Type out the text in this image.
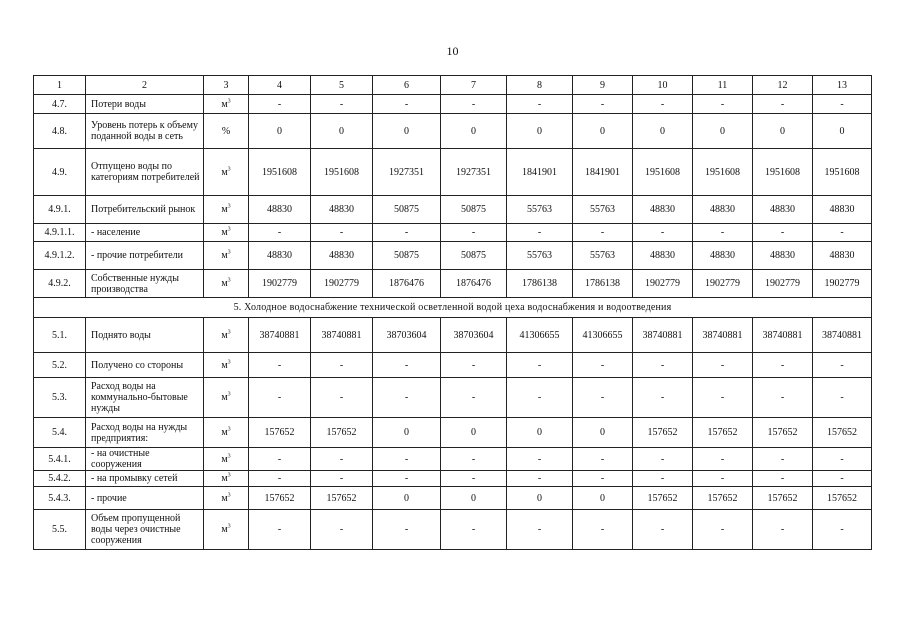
10
1	2	3	4	5	6	7	8	9	10	11	12	13
4.7.	Потери воды	$м^3$	-	-	-	-	-	-	-	-	-	-
4.8.	Уровень потерь к объему поданной воды в сеть	%	0	0	0	0	0	0	0	0	0	0
4.9.	Отпущено воды по категориям потребителей	$м^3$	1951608	1951608	1927351	1927351	1841901	1841901	1951608	1951608	1951608	1951608
4.9.1.	Потребительский рынок	$м^3$	48830	48830	50875	50875	55763	55763	48830	48830	48830	48830
4.9.1.1.	- население	$м^3$	-	-	-	-	-	-	-	-	-	-
4.9.1.2.	- прочие потребители	$м^3$	48830	48830	50875	50875	55763	55763	48830	48830	48830	48830
4.9.2.	Собственные нужды производства	$м^3$	1902779	1902779	1876476	1876476	1786138	1786138	1902779	1902779	1902779	1902779
5. Холодное водоснабжение технической осветленной водой цеха водоснабжения и водоотведения												
5.1.	Поднято воды	$м^3$	38740881	38740881	38703604	38703604	41306655	41306655	38740881	38740881	38740881	38740881
5.2.	Получено со стороны	$м^3$	-	-	-	-	-	-	-	-	-	-
5.3.	Расход воды на коммунально-бытовые нужды	$м^3$	-	-	-	-	-	-	-	-	-	-
5.4.	Расход воды на нужды предприятия:	$м^3$	157652	157652	0	0	0	0	157652	157652	157652	157652
5.4.1.	- на очистные сооружения	$м^3$	-	-	-	-	-	-	-	-	-	-
5.4.2.	- на промывку сетей	$м^3$	-	-	-	-	-	-	-	-	-	-
5.4.3.	- прочие	$м^3$	157652	157652	0	0	0	0	157652	157652	157652	157652
5.5.	Объем пропущенной воды через очистные сооружения	$м^3$	-	-	-	-	-	-	-	-	-	-
